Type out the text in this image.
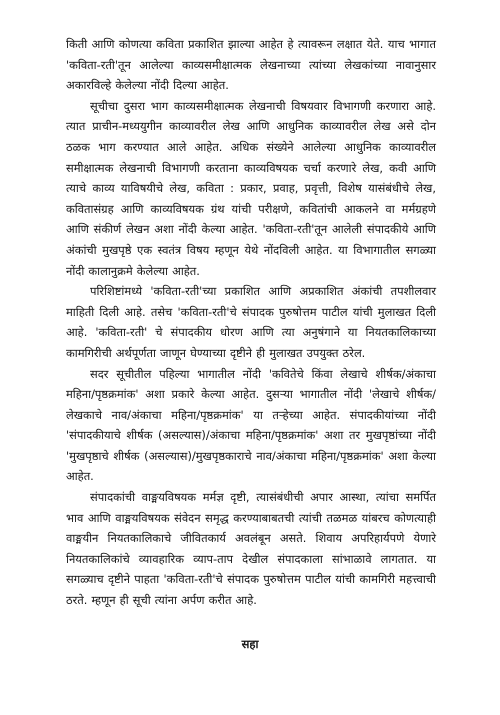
किती आणि कोणत्या कविता प्रकाशित झाल्या आहेत हे त्यावरून लक्षात येते. याच भागात 'कविता-रती'तून आलेल्या काव्यसमीक्षात्मक लेखनाच्या त्यांच्या लेखकांच्या नावानुसार अकारविल्हे केलेल्या नोंदी दिल्या आहेत.

सूचीचा दुसरा भाग काव्यसमीक्षात्मक लेखनाची विषयवार विभागणी करणारा आहे. त्यात प्राचीन-मध्ययुगीन काव्यावरील लेख आणि आधुनिक काव्यावरील लेख असे दोन ठळक भाग करण्यात आले आहेत. अधिक संख्येने आलेल्या आधुनिक काव्यावरील समीक्षात्मक लेखनाची विभागणी करताना काव्यविषयक चर्चा करणारे लेख, कवी आणि त्याचे काव्य याविषयीचे लेख, कविता : प्रकार, प्रवाह, प्रवृत्ती, विशेष यासंबंधीचे लेख, कवितासंग्रह आणि काव्यविषयक ग्रंथ यांची परीक्षणे, कवितांची आकलने वा मर्मग्रहणे आणि संकीर्ण लेखन अशा नोंदी केल्या आहेत. 'कविता-रती'तून आलेली संपादकीये आणि अंकांची मुखपृष्ठे एक स्वतंत्र विषय म्हणून येथे नोंदविली आहेत. या विभागातील सगळ्या नोंदी कालानुक्रमे केलेल्या आहेत.

परिशिष्टांमध्ये 'कविता-रती'च्या प्रकाशित आणि अप्रकाशित अंकांची तपशीलवार माहिती दिली आहे. तसेच 'कविता-रती'चे संपादक पुरुषोत्तम पाटील यांची मुलाखत दिली आहे. 'कविता-रती' चे संपादकीय धोरण आणि त्या अनुषंगाने या नियतकालिकाच्या कामगिरीची अर्थपूर्णता जाणून घेण्याच्या दृष्टीने ही मुलाखत उपयुक्त ठरेल.

सदर सूचीतील पहिल्या भागातील नोंदी 'कवितेचे किंवा लेखाचे शीर्षक/अंकाचा महिना/पृष्ठक्रमांक' अशा प्रकारे केल्या आहेत. दुसऱ्या भागातील नोंदी 'लेखाचे शीर्षक/लेखकाचे नाव/अंकाचा महिना/पृष्ठक्रमांक' या तऱ्हेच्या आहेत. संपादकीयांच्या नोंदी 'संपादकीयाचे शीर्षक (असल्यास)/अंकाचा महिना/पृष्ठक्रमांक' अशा तर मुखपृष्ठांच्या नोंदी 'मुखपृष्ठाचे शीर्षक (असल्यास)/मुखपृष्ठकाराचे नाव/अंकाचा महिना/पृष्ठक्रमांक' अशा केल्या आहेत.

संपादकांची वाङ्मयविषयक मर्मज्ञ दृष्टी, त्यासंबंधीची अपार आस्था, त्यांचा समर्पित भाव आणि वाङ्मयविषयक संवेदन समृद्ध करण्याबाबतची त्यांची तळमळ यांबरच कोणत्याही वाङ्मयीन नियतकालिकाचे जीवितकार्य अवलंबून असते. शिवाय अपरिहार्यपणे येणारे नियतकालिकांचे व्यावहारिक व्याप-ताप देखील संपादकाला सांभाळावे लागतात. या सगळ्याच दृष्टीने पाहता 'कविता-रती'चे संपादक पुरुषोत्तम पाटील यांची कामगिरी महत्त्वाची ठरते. म्हणून ही सूची त्यांना अर्पण करीत आहे.

सहा
